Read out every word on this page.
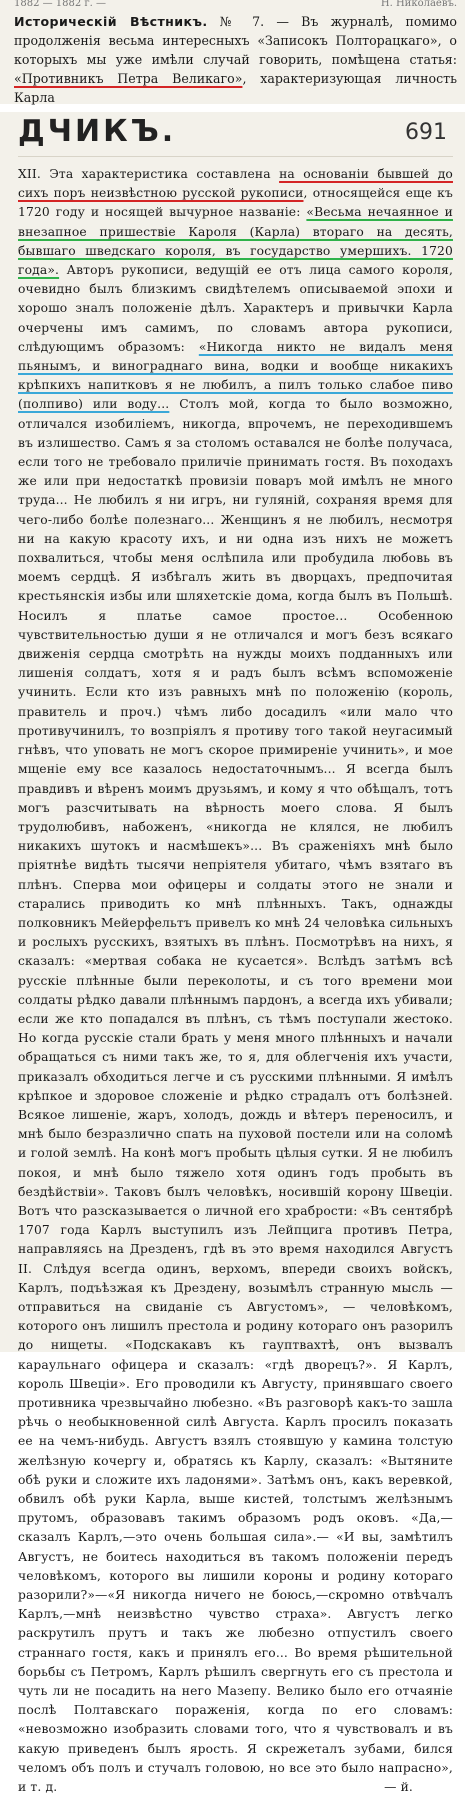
1882 — 1882 г. —	Н. Николаевъ.
Историческій Вѣстникъ. № 7. — Въ журналѣ, помимо продолженія весьма интересныхъ «Записокъ Полторацкаго», о которыхъ мы уже имѣли случай говорить, помѣщена статья: «Противникъ Петра Великаго», характеризующая личность Карла
ДЧИКЪ.	691
XII. Эта характеристика составлена на основаніи бывшей до сихъ поръ неизвѣстною русской рукописи, относящейся еще къ 1720 году и носящей вычурное названіе: «Весьма нечаянное и внезапное пришествіе Кароля (Карла) втораго на десять, бывшаго шведскаго короля, въ государство умершихъ. 1720 года». Авторъ рукописи, ведущій ее отъ лица самого короля, очевидно былъ близкимъ свидѣтелемъ описываемой эпохи и хорошо зналъ положеніе дѣлъ. Характеръ и привычки Карла очерчены имъ самимъ, по словамъ автора рукописи, слѣдующимъ образомъ: «Никогда никто не видалъ меня пьянымъ, и винограднаго вина, водки и вообще никакихъ крѣпкихъ напитковъ я не любилъ, а пилъ только слабое пиво (полпиво) или воду... Столъ мой, когда то было возможно, отличался изобиліемъ, никогда, впрочемъ, не переходившемъ въ излишество. Самъ я за столомъ оставался не болѣе получаса, если того не требовало приличіе принимать гостя. Въ походахъ же или при недостаткѣ провизіи поваръ мой имѣлъ не много труда... Не любилъ я ни игръ, ни гуляній, сохраняя время для чего-либо болѣе полезнаго... Женщинъ я не любилъ, несмотря ни на какую красоту ихъ, и ни одна изъ нихъ не можетъ похвалиться, чтобы меня ослѣпила или пробудила любовь въ моемъ сердцѣ. Я избѣгалъ жить въ дворцахъ, предпочитая крестьянскія избы или шляхетскіе дома, когда былъ въ Польшѣ. Носилъ я платье самое простое... Особенною чувствительностью души я не отличался и могъ безъ всякаго движенія сердца смотрѣть на нужды моихъ подданныхъ или лишенія солдатъ, хотя я и радъ былъ всѣмъ вспоможеніе учинить. Если кто изъ равныхъ мнѣ по положенію (король, правитель и проч.) чѣмъ либо досадилъ «или мало что противучинилъ, то возпріялъ я противу того такой неугасимый гнѣвъ, что уповать не могъ скорое примиреніе учинить», и мое мщеніе ему все казалось недостаточнымъ... Я всегда былъ правдивъ и вѣренъ моимъ друзьямъ, и кому я что обѣщалъ, тотъ могъ разсчитывать на вѣрность моего слова. Я былъ трудолюбивъ, набоженъ, «никогда не клялся, не любилъ никакихъ шутокъ и насмѣшекъ»... Въ сраженіяхъ мнѣ было пріятнѣе видѣть тысячи непріятеля убитаго, чѣмъ взятаго въ плѣнъ. Сперва мои офицеры и солдаты этого не знали и старались приводить ко мнѣ плѣнныхъ. Такъ, однажды полковникъ Мейерфельтъ привелъ ко мнѣ 24 человѣка сильныхъ и рослыхъ русскихъ, взятыхъ въ плѣнъ. Посмотрѣвъ на нихъ, я сказалъ: «мертвая собака не кусается». Вслѣдъ затѣмъ всѣ русскіе плѣнные были переколоты, и съ того времени мои солдаты рѣдко давали плѣннымъ пардонъ, а всегда ихъ убивали; если же кто попадался въ плѣнъ, съ тѣмъ поступали жестоко. Но когда русскіе стали брать у меня много плѣнныхъ и начали обращаться съ ними такъ же, то я, для облегченія ихъ участи, приказалъ обходиться легче и съ русскими плѣнными. Я имѣлъ крѣпкое и здоровое сложеніе и рѣдко страдалъ отъ болѣзней. Всякое лишеніе, жаръ, холодъ, дождь и вѣтеръ переносилъ, и мнѣ было безразлично спать на пуховой постели или на соломѣ и голой землѣ. На конѣ могъ пробыть цѣлыя сутки. Я не любилъ покоя, и мнѣ было тяжело хотя одинъ годъ пробыть въ бездѣйствіи». Таковъ былъ человѣкъ, носившій корону Швеціи. Вотъ что разсказывается о личной его храбрости: «Въ сентябрѣ 1707 года Карлъ выступилъ изъ Лейпцига противъ Петра, направляясь на Дрезденъ, гдѣ въ это время находился Августъ II. Слѣдуя всегда одинъ, верхомъ, впереди своихъ войскъ, Карлъ, подъѣзжая къ Дрездену, возымѣлъ странную мысль — отправиться на свиданіе съ Августомъ», — человѣкомъ, которого онъ лишилъ престола и родину котораго онъ разорилъ до нищеты. «Подскакавъ къ гауптвахтѣ, онъ вызвалъ караульнаго офицера и сказалъ: «гдѣ дворецъ?». Я Карлъ, король Швеціи». Его проводили къ Августу, принявшаго своего противника чрезвычайно любезно. «Въ разговорѣ какъ-то зашла рѣчь о необыкновенной силѣ Августа. Карлъ просилъ показать ее на чемъ-нибудь. Августъ взялъ стоявшую у камина толстую желѣзную кочергу и, обратясь къ Карлу, сказалъ: «Вытяните обѣ руки и сложите ихъ ладонями». Затѣмъ онъ, какъ веревкой, обвилъ обѣ руки Карла, выше кистей, толстымъ желѣзнымъ прутомъ, образовавъ такимъ образомъ родъ оковъ. «Да,—сказалъ Карлъ,—это очень большая сила».— «И вы, замѣтилъ Августъ, не боитесь находиться въ такомъ положеніи передъ человѣкомъ, которого вы лишили короны и родину котораго разорили?»—«Я никогда ничего не боюсь,—скромно отвѣчалъ Карлъ,—мнѣ неизвѣстно чувство страха». Августъ легко раскрутилъ прутъ и такъ же любезно отпустилъ своего страннаго гостя, какъ и принялъ его... Во время рѣшительной борьбы съ Петромъ, Карлъ рѣшилъ свергнуть его съ престола и чуть ли не посадить на него Мазепу. Велико было его отчаяніе послѣ Полтавскаго пораженія, когда по его словамъ: «невозможно изобразить словами того, что я чувствовалъ и въ какую приведенъ былъ ярость. Я скрежеталъ зубами, бился челомъ объ полъ и стучалъ головою, но все это было напрасно», и т. д.	— й.
